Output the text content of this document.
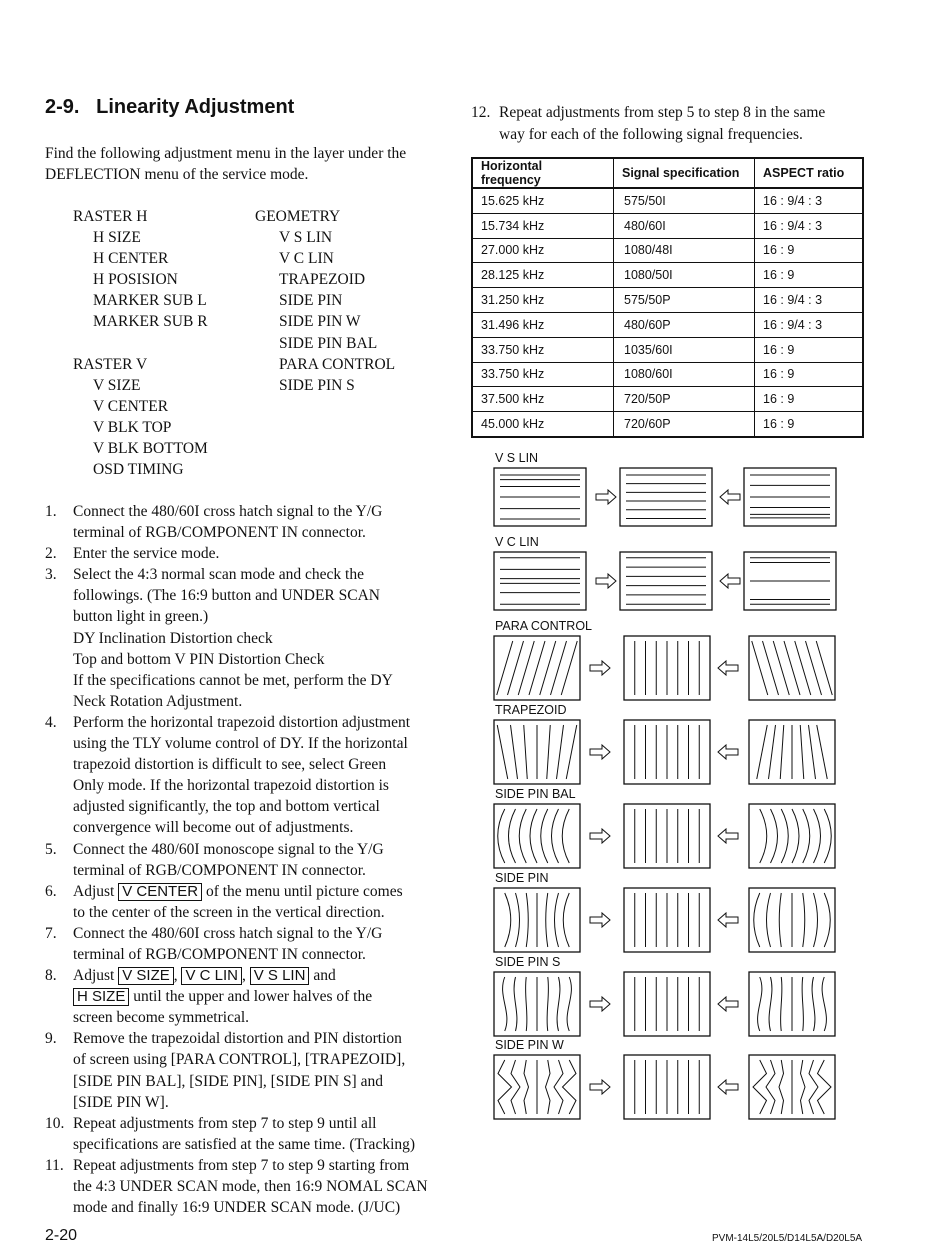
2-9. Linearity Adjustment

Find the following adjustment menu in the layer under the DEFLECTION menu of the service mode.

RASTER H
H SIZE
H CENTER
H POSISION
MARKER SUB L
MARKER SUB R
RASTER V
V SIZE
V CENTER
V BLK TOP
V BLK BOTTOM
OSD TIMING
GEOMETRY
V S LIN
V C LIN
TRAPEZOID
SIDE PIN
SIDE PIN W
SIDE PIN BAL
PARA CONTROL
SIDE PIN S
1. Connect the 480/60I cross hatch signal to the Y/G
terminal of RGB/COMPONENT IN connector.
2. Enter the service mode.
3. Select the 4:3 normal scan mode and check the
followings. (The 16:9 button and UNDER SCAN
button light in green.)
DY Inclination Distortion check
Top and bottom V PIN Distortion Check
If the specifications cannot be met, perform the DY
Neck Rotation Adjustment.
4. Perform the horizontal trapezoid distortion adjustment
using the TLY volume control of DY. If the horizontal
trapezoid distortion is difficult to see, select Green
Only mode. If the horizontal trapezoid distortion is
adjusted significantly, the top and bottom vertical
convergence will become out of adjustments.
5. Connect the 480/60I monoscope signal to the Y/G
terminal of RGB/COMPONENT IN connector.
6. Adjust V CENTER of the menu until picture comes
to the center of the screen in the vertical direction.
7. Connect the 480/60I cross hatch signal to the Y/G
terminal of RGB/COMPONENT IN connector.
8. Adjust V SIZE , V C LIN , V S LIN and
H SIZE until the upper and lower halves of the
screen become symmetrical.
9. Remove the trapezoidal distortion and PIN distortion
of screen using [PARA CONTROL], [TRAPEZOID],
[SIDE PIN BAL], [SIDE PIN], [SIDE PIN S] and
[SIDE PIN W].
10. Repeat adjustments from step 7 to step 9 until all
specifications are satisfied at the same time. (Tracking)
11. Repeat adjustments from step 7 to step 9 starting from
the 4:3 UNDER SCAN mode, then 16:9 NOMAL SCAN
mode and finally 16:9 UNDER SCAN mode. (J/UC)
12. Repeat adjustments from step 5 to step 8 in the same
way for each of the following signal frequencies.
Horizontal frequency	Signal specification	ASPECT ratio
15.625 kHz	575/50I	16 : 9/4 : 3
15.734 kHz	480/60I	16 : 9/4 : 3
27.000 kHz	1080/48I	16 : 9
28.125 kHz	1080/50I	16 : 9
31.250 kHz	575/50P	16 : 9/4 : 3
31.496 kHz	480/60P	16 : 9/4 : 3
33.750 kHz	1035/60I	16 : 9
33.750 kHz	1080/60I	16 : 9
37.500 kHz	720/50P	16 : 9
45.000 kHz	720/60P	16 : 9
V S LIN
V C LIN
PARA CONTROL
TRAPEZOID
SIDE PIN BAL
SIDE PIN
SIDE PIN S
SIDE PIN W
2-20	PVM-14L5/20L5/D14L5A/D20L5A
